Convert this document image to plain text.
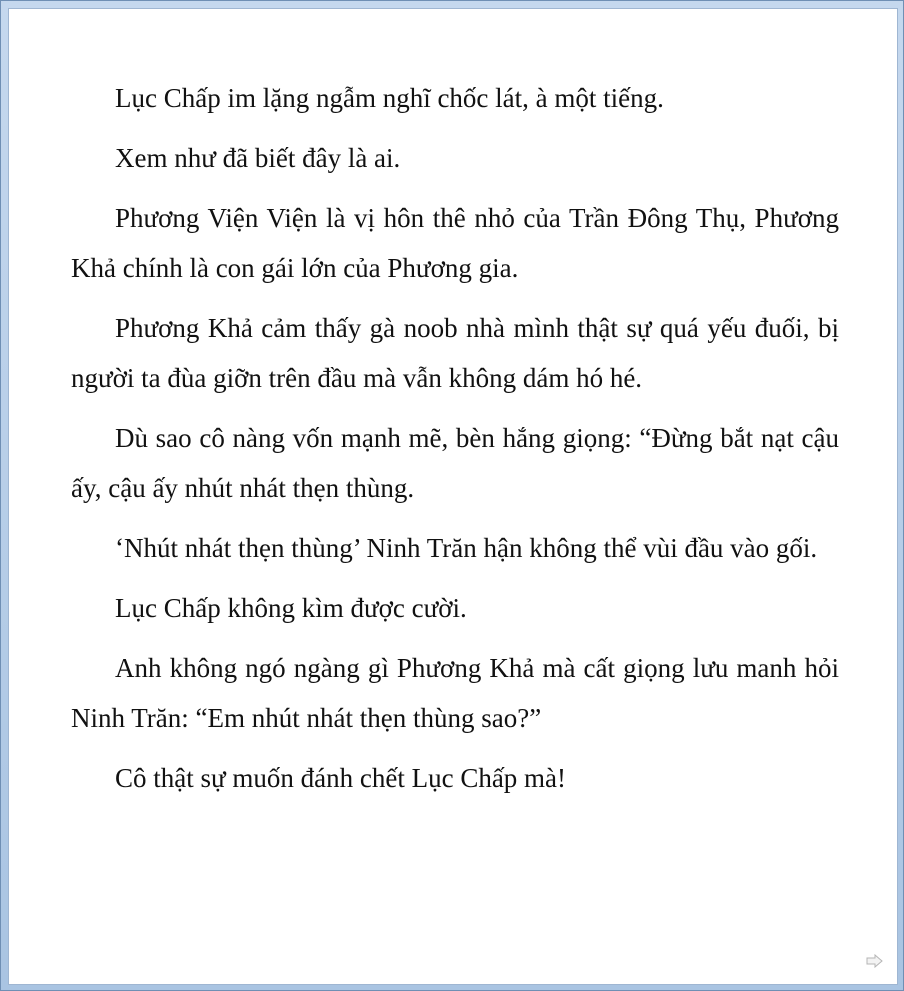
Lục Chấp im lặng ngẫm nghĩ chốc lát, à một tiếng.

Xem như đã biết đây là ai.

Phương Viện Viện là vị hôn thê nhỏ của Trần Đông Thụ, Phương Khả chính là con gái lớn của Phương gia.

Phương Khả cảm thấy gà noob nhà mình thật sự quá yếu đuối, bị người ta đùa giỡn trên đầu mà vẫn không dám hó hé.

Dù sao cô nàng vốn mạnh mẽ, bèn hắng giọng: “Đừng bắt nạt cậu ấy, cậu ấy nhút nhát thẹn thùng.

‘Nhút nhát thẹn thùng’ Ninh Trăn hận không thể vùi đầu vào gối.

Lục Chấp không kìm được cười.

Anh không ngó ngàng gì Phương Khả mà cất giọng lưu manh hỏi Ninh Trăn: “Em nhút nhát thẹn thùng sao?”

Cô thật sự muốn đánh chết Lục Chấp mà!
